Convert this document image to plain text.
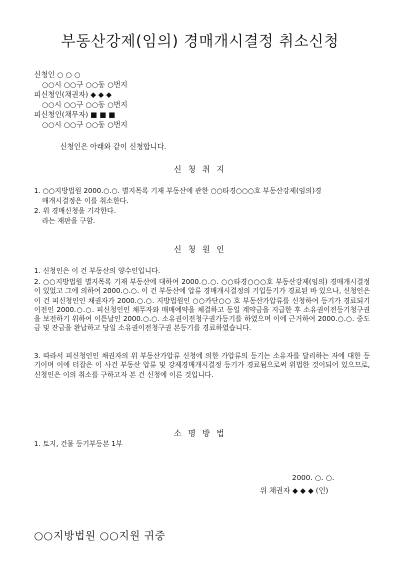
부동산강제(임의) 경매개시결정 취소신청
신청인 ○ ○ ○
○○시 ○○구 ○○동 ○번지
피신청인(채권자) ◆ ◆ ◆
○○시 ○○구 ○○동 ○번지
피신청인(채무자) ■ ■ ■
○○시 ○○구 ○○동 ○번지
신청인은 아래와 같이 신청합니다.
신 청 취 지
1. ○○지방법원 2000.○.○. 별지목록 기재 부동산에 관한 ○○타경○○○호 부동산강제(임의)경
매개시결정은 이를 취소한다.
2. 위 경매신청을 기각한다.
라는 재판을 구함.
신 청 원 인
1. 신청인은 이 건 부동산의 양수인입니다.
2. ○○지방법원 별지목록 기재 부동산에 대하여 2000.○.○. ○○타경○○○호 부동산강제(임의) 경매개시결정이 있었고 그에 의하여 2000.○.○. 이 건 부동산에 압류 경매개시결정의 기입등기가 경료된 바 있으나, 신청인은 이 건 피신청인인 채권자가 2000.○.○. 지방법원인 ○○카단○○ 호 부동산가압류를 신청하여 등기가 경료되기 이전인 2000.○.○. 피신청인인 채무자와 매매예약을 체결하고 동일 계약금을 지급한 후 소유권이전등기청구권을 보전하기 위하여 이튿날인 2000.○.○. 소유권이전청구권가등기를 하였으며 이에 근거하여 2000.○.○. 중도금 및 잔금을 완납하고 당일 소유권이전청구권 본등기를 경료하였습니다.
3. 따라서 피신청인인 채권자의 위 부동산가압류 신청에 의한 가압류의 등기는 소유자를 달리하는 자에 대한 등기이며 이에 터잡은 이 사건 부동산 압류 및 강제경매개시결정 등기가 경료됨으로써 위법한 것이되어 있으므로, 신청인은 이의 취소를 구하고자 본 건 신청에 이른 것입니다.
소 명 방 법
1. 토지, 건물 등기부등본 1부
2000. ○. ○.
위 채권자 ◆ ◆ ◆ (인)
○○지방법원 ○○지원 귀중
